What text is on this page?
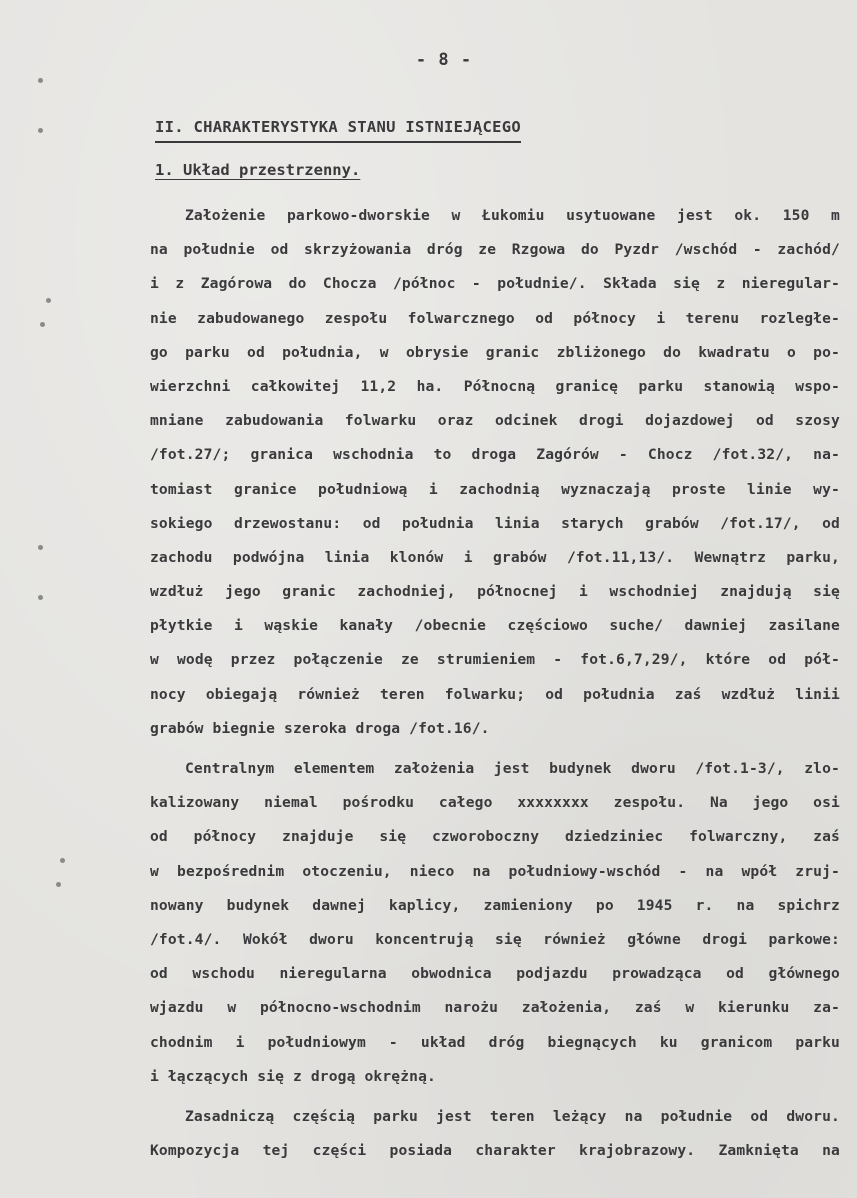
- 8 -
II. CHARAKTERYSTYKA STANU ISTNIEJĄCEGO
1. Układ przestrzenny.
Założenie parkowo-dworskie w Łukomiu usytuowane jest ok. 150 m
na południe od skrzyżowania dróg ze Rzgowa do Pyzdr /wschód - zachód/
i z Zagórowa do Chocza /północ - południe/. Składa się z nieregular-
nie zabudowanego zespołu folwarcznego od północy i terenu rozległe-
go parku od południa, w obrysie granic zbliżonego do kwadratu o po-
wierzchni całkowitej 11,2 ha. Północną granicę parku stanowią wspo-
mniane zabudowania folwarku oraz odcinek drogi dojazdowej od szosy
/fot.27/; granica wschodnia to droga Zagórów - Chocz /fot.32/, na-
tomiast granice południową i zachodnią wyznaczają proste linie wy-
sokiego drzewostanu: od południa linia starych grabów /fot.17/, od
zachodu podwójna linia klonów i grabów /fot.11,13/. Wewnątrz parku,
wzdłuż jego granic zachodniej, północnej i wschodniej znajdują się
płytkie i wąskie kanały /obecnie częściowo suche/ dawniej zasilane
w wodę przez połączenie ze strumieniem - fot.6,7,29/, które od pół-
nocy obiegają również teren folwarku; od południa zaś wzdłuż linii
grabów biegnie szeroka droga /fot.16/.
Centralnym elementem założenia jest budynek dworu /fot.1-3/, zlo-
kalizowany niemal pośrodku całego xxxxxxxx zespołu. Na jego osi
od północy znajduje się czworoboczny dziedziniec folwarczny, zaś
w bezpośrednim otoczeniu, nieco na południowy-wschód - na wpół zruj-
nowany budynek dawnej kaplicy, zamieniony po 1945 r. na spichrz
/fot.4/. Wokół dworu koncentrują się również główne drogi parkowe:
od wschodu nieregularna obwodnica podjazdu prowadząca od głównego
wjazdu w północno-wschodnim narożu założenia, zaś w kierunku za-
chodnim i południowym - układ dróg biegnących ku granicom parku
i łączących się z drogą okrężną.
Zasadniczą częścią parku jest teren leżący na południe od dworu.
Kompozycja tej części posiada charakter krajobrazowy. Zamknięta na
